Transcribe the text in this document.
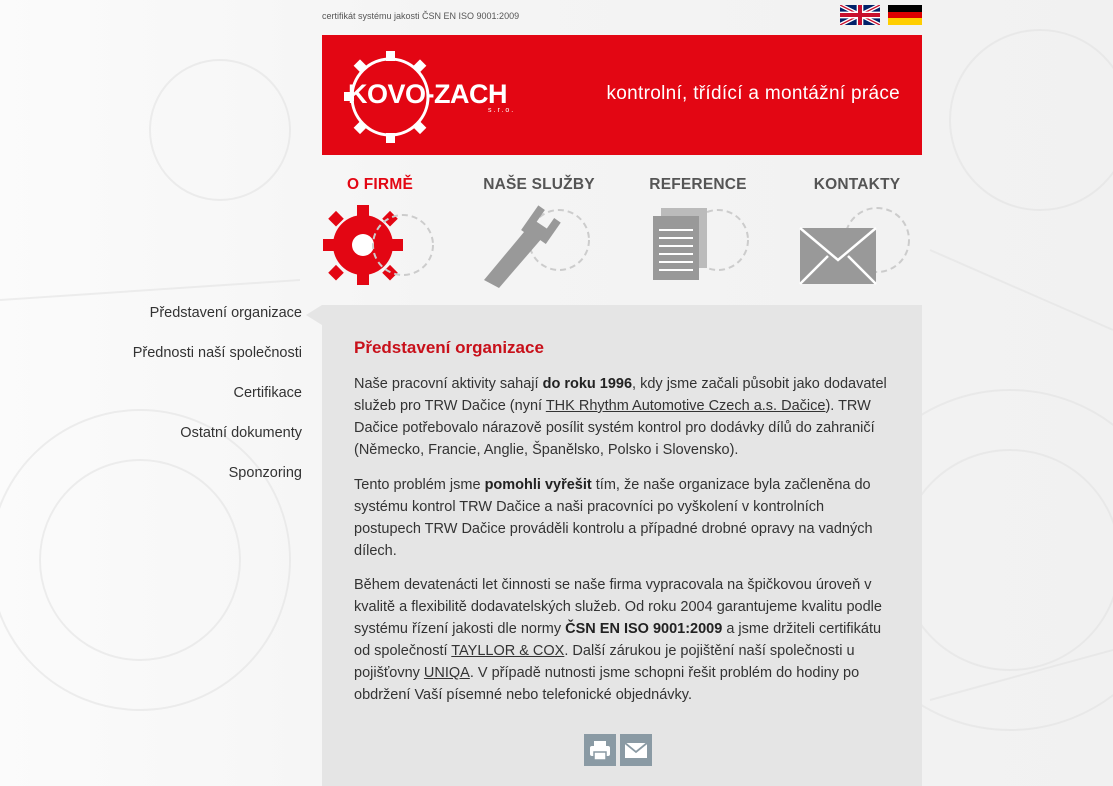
certifikát systému jakosti ČSN EN ISO 9001:2009
KOVO-ZACH
s.r.o.
kontrolní, třídící a montážní práce
O FIRMĚ	NAŠE SLUŽBY	REFERENCE	KONTAKTY
Představení organizace
Přednosti naší společnosti
Certifikace
Ostatní dokumenty
Sponzoring
Představení organizace
Naše pracovní aktivity sahají do roku 1996, kdy jsme začali působit jako dodavatel služeb pro TRW Dačice (nyní THK Rhythm Automotive Czech a.s. Dačice). TRW Dačice potřebovalo nárazově posílit systém kontrol pro dodávky dílů do zahraničí (Německo, Francie, Anglie, Španělsko, Polsko i Slovensko).
Tento problém jsme pomohli vyřešit tím, že naše organizace byla začleněna do systému kontrol TRW Dačice a naši pracovníci po vyškolení v kontrolních postupech TRW Dačice prováděli kontrolu a případné drobné opravy na vadných dílech.
Během devatenácti let činnosti se naše firma vypracovala na špičkovou úroveň v kvalitě a flexibilitě dodavatelských služeb. Od roku 2004 garantujeme kvalitu podle systému řízení jakosti dle normy ČSN EN ISO 9001:2009 a jsme držiteli certifikátu od společností TAYLLOR & COX. Další zárukou je pojištění naší společnosti u pojišťovny UNIQA. V případě nutnosti jsme schopni řešit problém do hodiny po obdržení Vaší písemné nebo telefonické objednávky.
